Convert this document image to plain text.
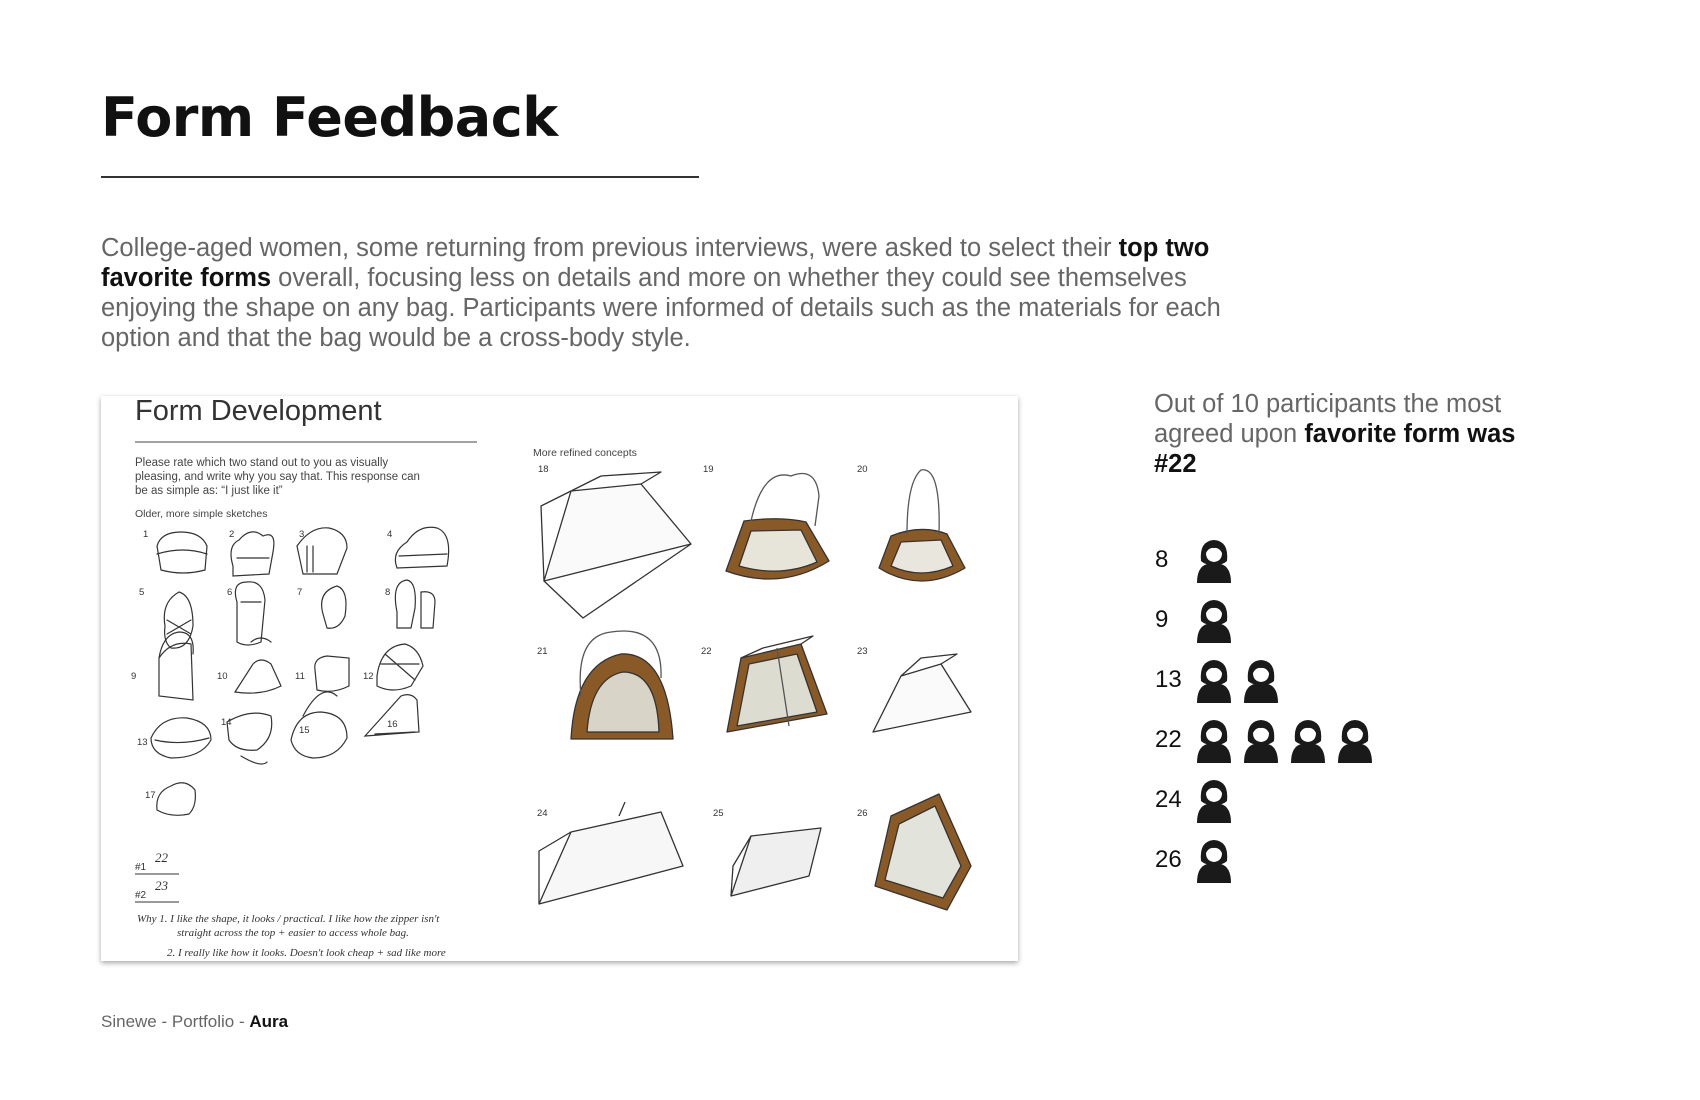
Form Feedback

College-aged women, some returning from previous interviews, were asked to select their top two favorite forms overall, focusing less on details and more on whether they could see themselves enjoying the shape on any bag. Participants were informed of details such as the materials for each option and that the bag would be a cross-body style.

Form Development
Please rate which two stand out to you as visually
pleasing, and write why you say that. This response can
be as simple as: “I just like it”
Older, more simple sketches
More refined concepts
1	2	3	4
5	6	7	8
9	10	11	12
13
14
15
16
17
18	19	20
21	22	23
24	25	26
#1
22
#2
23
Why 1. I like the shape, it looks / practical. I like how the zipper isn't
straight across the top + easier to access whole bag.
2. I really like how it looks. Doesn't look cheap + sad like more

Out of 10 participants the most agreed upon favorite form was #22

8
9
13
22
24
26

Sinewe - Portfolio - Aura
